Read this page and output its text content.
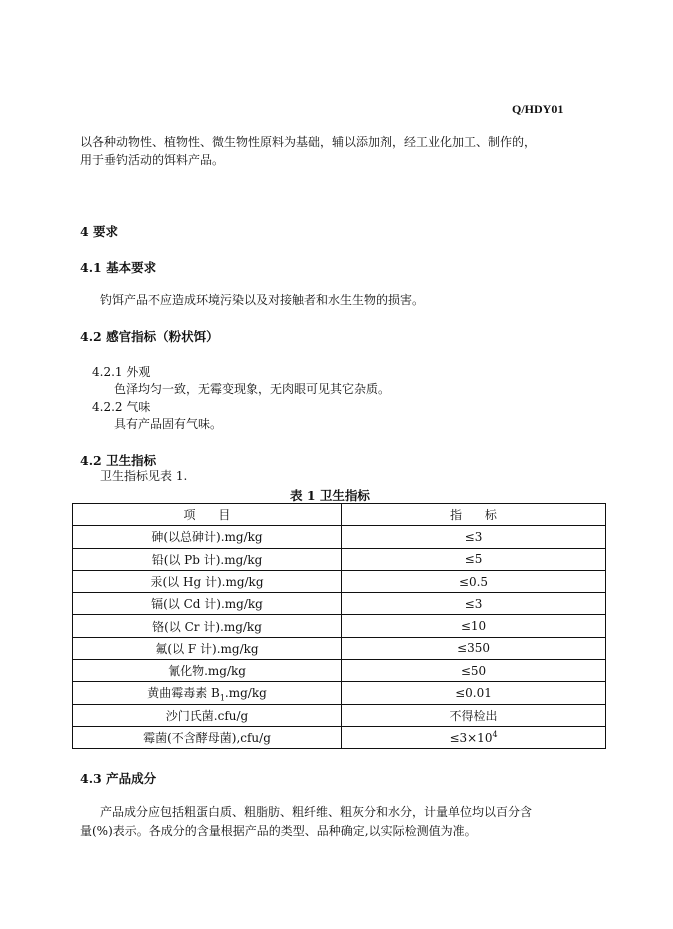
Q/HDY01
以各种动物性、植物性、微生物性原料为基础，辅以添加剂，经工业化加工、制作的，
用于垂钓活动的饵料产品。
4 要求
4.1 基本要求
钓饵产品不应造成环境污染以及对接触者和水生生物的损害。
4.2 感官指标（粉状饵）
4.2.1 外观
色泽均匀一致，无霉变现象，无肉眼可见其它杂质。
4.2.2 气味
具有产品固有气味。
4.2 卫生指标
卫生指标见表 1.
表 1 卫生指标
项      目	指      标
砷(以总砷计).mg/kg	≤3
铅(以 Pb 计).mg/kg	≤5
汞(以 Hg 计).mg/kg	≤0.5
镉(以 Cd 计).mg/kg	≤3
铬(以 Cr 计).mg/kg	≤10
氟(以 F 计).mg/kg	≤350
氰化物.mg/kg	≤50
黄曲霉毒素 $B_1.mg/kg$	≤0.01
沙门氏菌.cfu/g	不得检出
霉菌(不含酵母菌),cfu/g	$\le 3\times 10^4$
4.3 产品成分
产品成分应包括粗蛋白质、粗脂肪、粗纤维、粗灰分和水分，计量单位均以百分含
量(%)表示。各成分的含量根据产品的类型、品种确定,以实际检测值为准。
